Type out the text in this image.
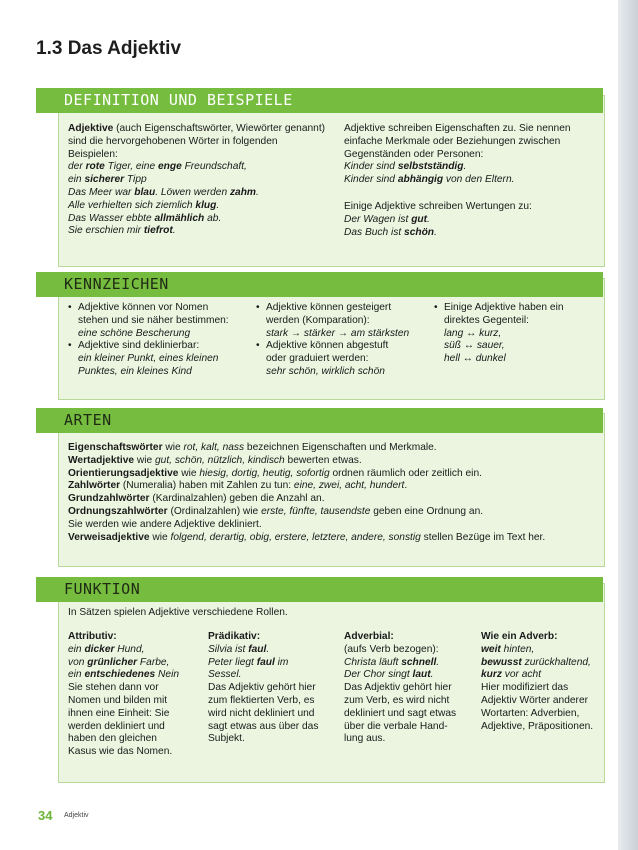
1.3 Das Adjektiv
DEFINITION UND BEISPIELE

Adjektive (auch Eigenschaftswörter, Wiewörter genannt) sind die hervorgehobenen Wörter in folgenden Beispielen:

der rote Tiger, eine enge Freundschaft,
ein sicherer Tipp
Das Meer war blau. Löwen werden zahm.
Alle verhielten sich ziemlich klug.
Das Wasser ebbte allmählich ab.
Sie erschien mir tiefrot.

Adjektive schreiben Eigenschaften zu. Sie nennen einfache Merkmale oder Beziehungen zwischen Gegenständen oder Personen:

Kinder sind selbstständig.
Kinder sind abhängig von den Eltern.

Einige Adjektive schreiben Wertungen zu:

Der Wagen ist gut.
Das Buch ist schön.
KENNZEICHEN
• Adjektive können vor Nomen
stehen und sie näher bestimmen:
eine schöne Bescherung
• Adjektive sind deklinierbar:
ein kleiner Punkt, eines kleinen
Punktes, ein kleines Kind
• Adjektive können gesteigert
werden (Komparation):
stark → stärker → am stärksten
• Adjektive können abgestuft
oder graduiert werden:
sehr schön, wirklich schön
• Einige Adjektive haben ein
direktes Gegenteil:
lang ↔ kurz,
süß ↔ sauer,
hell ↔ dunkel
ARTEN
Eigenschaftswörter wie rot, kalt, nass bezeichnen Eigenschaften und Merkmale.
Wertadjektive wie gut, schön, nützlich, kindisch bewerten etwas.
Orientierungsadjektive wie hiesig, dortig, heutig, sofortig ordnen räumlich oder zeitlich ein.
Zahlwörter (Numeralia) haben mit Zahlen zu tun: eine, zwei, acht, hundert.
Grundzahlwörter (Kardinalzahlen) geben die Anzahl an.
Ordnungszahlwörter (Ordinalzahlen) wie erste, fünfte, tausendste geben eine Ordnung an.
Sie werden wie andere Adjektive dekliniert.
Verweisadjektive wie folgend, derartig, obig, erstere, letztere, andere, sonstig stellen Bezüge im Text her.
FUNKTION

In Sätzen spielen Adjektive verschiedene Rollen.

Attributiv:
ein dicker Hund,
von grünlicher Farbe,
ein entschiedenes Nein
Sie stehen dann vor
Nomen und bilden mit
ihnen eine Einheit: Sie
werden dekliniert und
haben den gleichen
Kasus wie das Nomen.
Prädikativ:
Silvia ist faul.
Peter liegt faul im
Sessel.
Das Adjektiv gehört hier
zum flektierten Verb, es
wird nicht dekliniert und
sagt etwas aus über das
Subjekt.
Adverbial:
(aufs Verb bezogen):
Christa läuft schnell.
Der Chor singt laut.
Das Adjektiv gehört hier
zum Verb, es wird nicht
dekliniert und sagt etwas
über die verbale Hand-
lung aus.
Wie ein Adverb:
weit hinten,
bewusst zurückhaltend,
kurz vor acht
Hier modifiziert das
Adjektiv Wörter anderer
Wortarten: Adverbien,
Adjektive, Präpositionen.
34 Adjektiv
